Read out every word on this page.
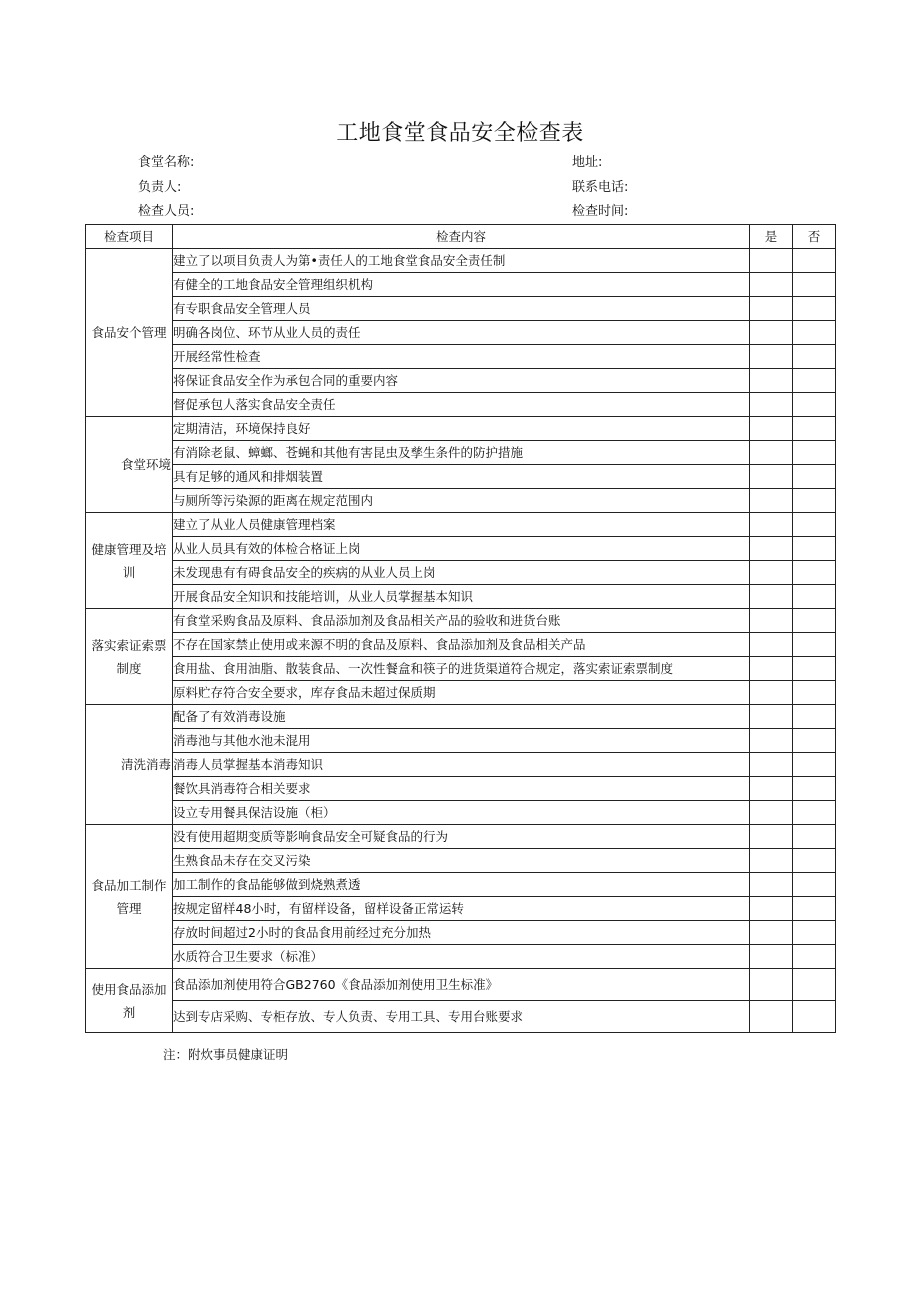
工地食堂食品安全检查表
食堂名称:	地址:
负责人:	联系电话:
检查人员:	检查时间:
检查项目	检查内容	是	否
食品安个管理	建立了以项目负责人为第•责任人的工地食堂食品安全责任制		
	有健全的工地食品安全管理组织机构		
	有专职食品安全管理人员		
	明确各岗位、环节从业人员的责任		
	开展经常性检查		
	将保证食品安全作为承包合同的重要内容		
	督促承包人落实食品安全责任		
食堂环境	定期清洁，环境保持良好		
	有消除老鼠、蟑螂、苍蝇和其他有害昆虫及孳生条件的防护措施		
	具有足够的通风和排烟装置		
	与厕所等污染源的距离在规定范围内		
健康管理及培训	建立了从业人员健康管理档案		
	从业人员具有效的体检合格证上岗		
	未发现患有有碍食品安全的疾病的从业人员上岗		
	开展食品安全知识和技能培训，从业人员掌握基本知识		
落实索证索票制度	有食堂采购食品及原料、食品添加剂及食品相关产品的验收和进货台账		
	不存在国家禁止使用或来源不明的食品及原料、食品添加剂及食品相关产品		
	食用盐、食用油脂、散装食品、一次性餐盒和筷子的进货渠道符合规定，落实索证索票制度		
	原料贮存符合安全要求，库存食品未超过保质期		
清洗消毒	配备了有效消毒设施		
	消毒池与其他水池未混用		
	消毒人员掌握基本消毒知识		
	餐饮具消毒符合相关要求		
	设立专用餐具保洁设施（柜）		
食品加工制作管理	没有使用超期变质等影响食品安全可疑食品的行为		
	生熟食品未存在交叉污染		
	加工制作的食品能够做到烧熟煮透		
	按规定留样48小时，有留样设备，留样设备正常运转		
	存放时间超过2小时的食品食用前经过充分加热		
	水质符合卫生要求（标准）		
使用食品添加剂	食品添加剂使用符合GB2760《食品添加剂使用卫生标准》		
	达到专店采购、专柜存放、专人负责、专用工具、专用台账要求		
注：附炊事员健康证明
